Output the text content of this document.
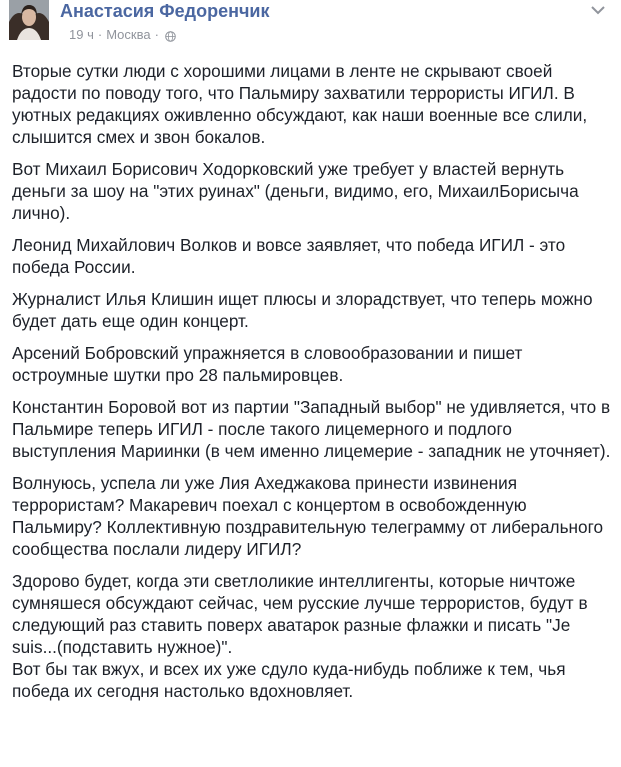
Анастасия Федоренчик
19 ч · Москва ·

Вторые сутки люди с хорошими лицами в ленте не скрывают своей радости по поводу того, что Пальмиру захватили террористы ИГИЛ. В уютных редакциях оживленно обсуждают, как наши военные все слили, слышится смех и звон бокалов.

Вот Михаил Борисович Ходорковский уже требует у властей вернуть деньги за шоу на "этих руинах" (деньги, видимо, его, МихаилБорисыча лично).

Леонид Михайлович Волков и вовсе заявляет, что победа ИГИЛ - это победа России.

Журналист Илья Клишин ищет плюсы и злорадствует, что теперь можно будет дать еще один концерт.

Арсений Бобровский упражняется в словообразовании и пишет остроумные шутки про 28 пальмировцев.

Константин Боровой вот из партии "Западный выбор" не удивляется, что в Пальмире теперь ИГИЛ - после такого лицемерного и подлого выступления Мариинки (в чем именно лицемерие - западник не уточняет).

Волнуюсь, успела ли уже Лия Ахеджакова принести извинения террористам? Макаревич поехал с концертом в освобожденную Пальмиру? Коллективную поздравительную телеграмму от либерального сообщества послали лидеру ИГИЛ?

Здорово будет, когда эти светлоликие интеллигенты, которые ничтоже сумняшеся обсуждают сейчас, чем русские лучше террористов, будут в следующий раз ставить поверх аватарок разные флажки и писать "Je suis...(подставить нужное)".
Вот бы так вжух, и всех их уже сдуло куда-нибудь поближе к тем, чья победа их сегодня настолько вдохновляет.
